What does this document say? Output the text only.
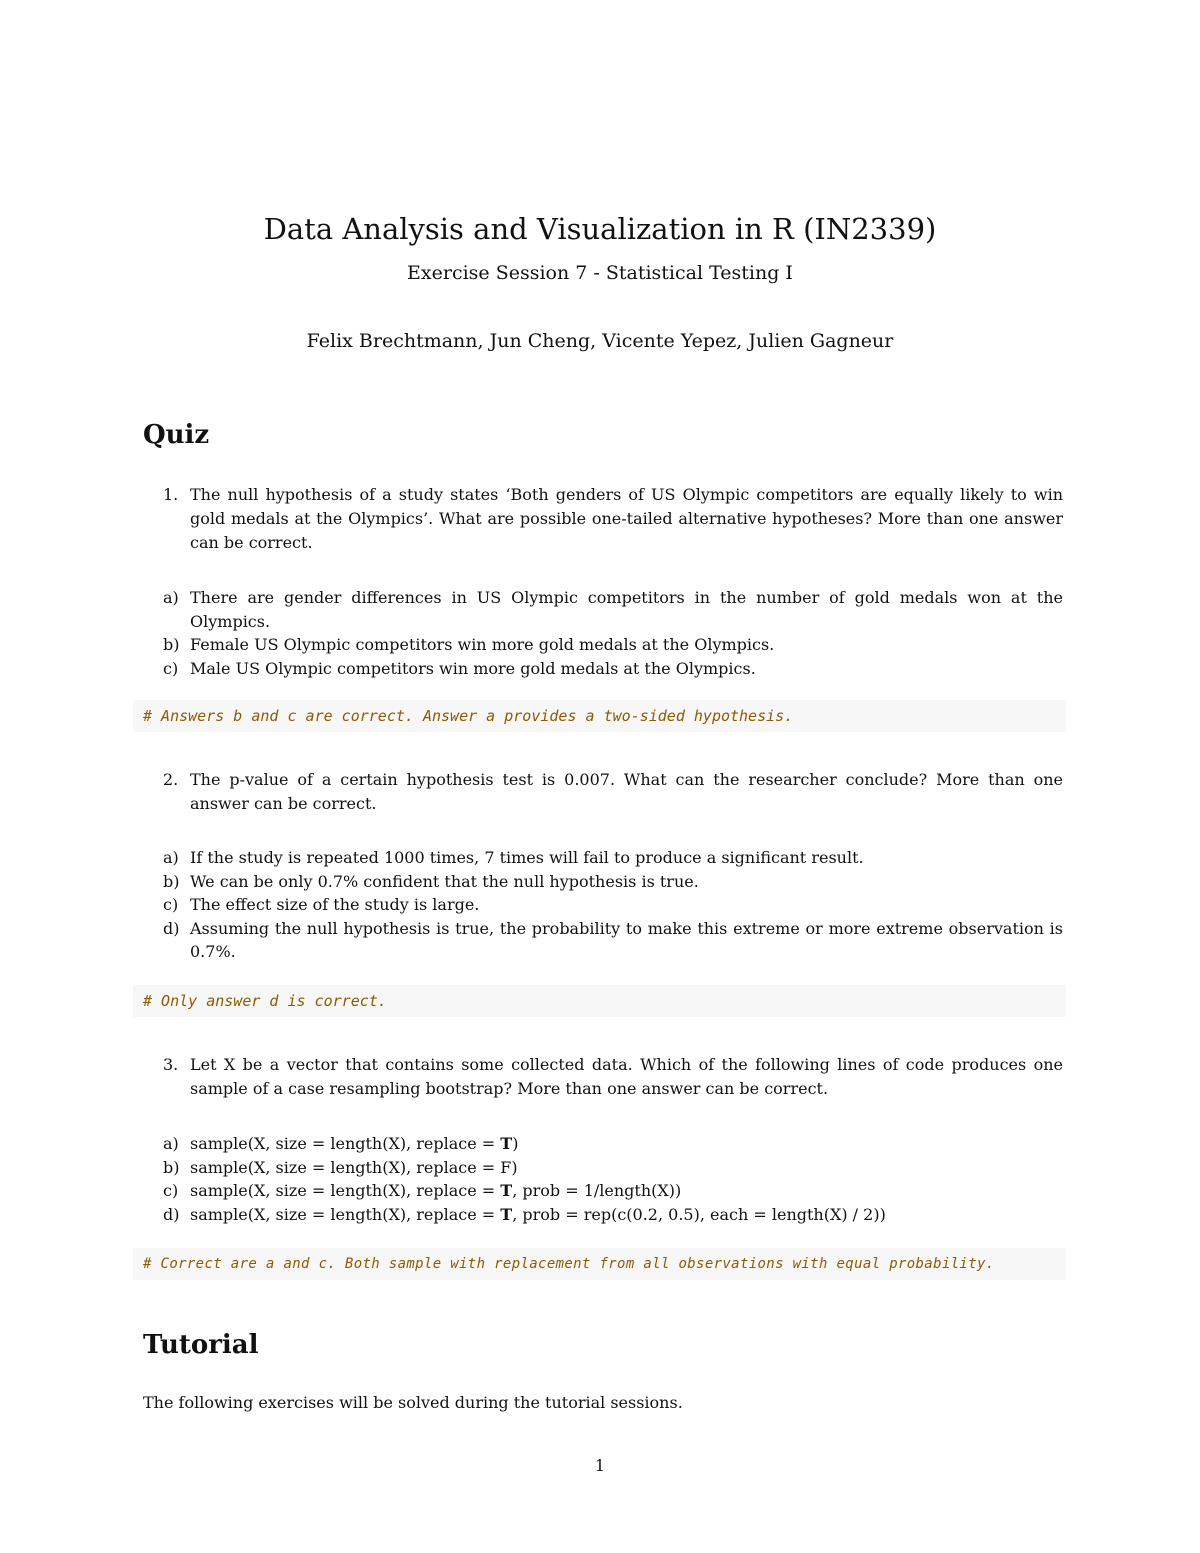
Data Analysis and Visualization in R (IN2339)
Exercise Session 7 - Statistical Testing I
Felix Brechtmann, Jun Cheng, Vicente Yepez, Julien Gagneur
Quiz
1. The null hypothesis of a study states ‘Both genders of US Olympic competitors are equally likely to win gold medals at the Olympics’. What are possible one-tailed alternative hypotheses? More than one answer can be correct.
a) There are gender differences in US Olympic competitors in the number of gold medals won at the Olympics.
b) Female US Olympic competitors win more gold medals at the Olympics.
c) Male US Olympic competitors win more gold medals at the Olympics.
# Answers b and c are correct. Answer a provides a two-sided hypothesis.
2. The p-value of a certain hypothesis test is 0.007. What can the researcher conclude? More than one answer can be correct.
a) If the study is repeated 1000 times, 7 times will fail to produce a significant result.
b) We can be only 0.7% confident that the null hypothesis is true.
c) The effect size of the study is large.
d) Assuming the null hypothesis is true, the probability to make this extreme or more extreme observation is 0.7%.
# Only answer d is correct.
3. Let X be a vector that contains some collected data. Which of the following lines of code produces one sample of a case resampling bootstrap? More than one answer can be correct.
a) sample(X, size = length(X), replace = T)
b) sample(X, size = length(X), replace = F)
c) sample(X, size = length(X), replace = T, prob = 1/length(X))
d) sample(X, size = length(X), replace = T, prob = rep(c(0.2, 0.5), each = length(X) / 2))
# Correct are a and c. Both sample with replacement from all observations with equal probability.
Tutorial
The following exercises will be solved during the tutorial sessions.
1
